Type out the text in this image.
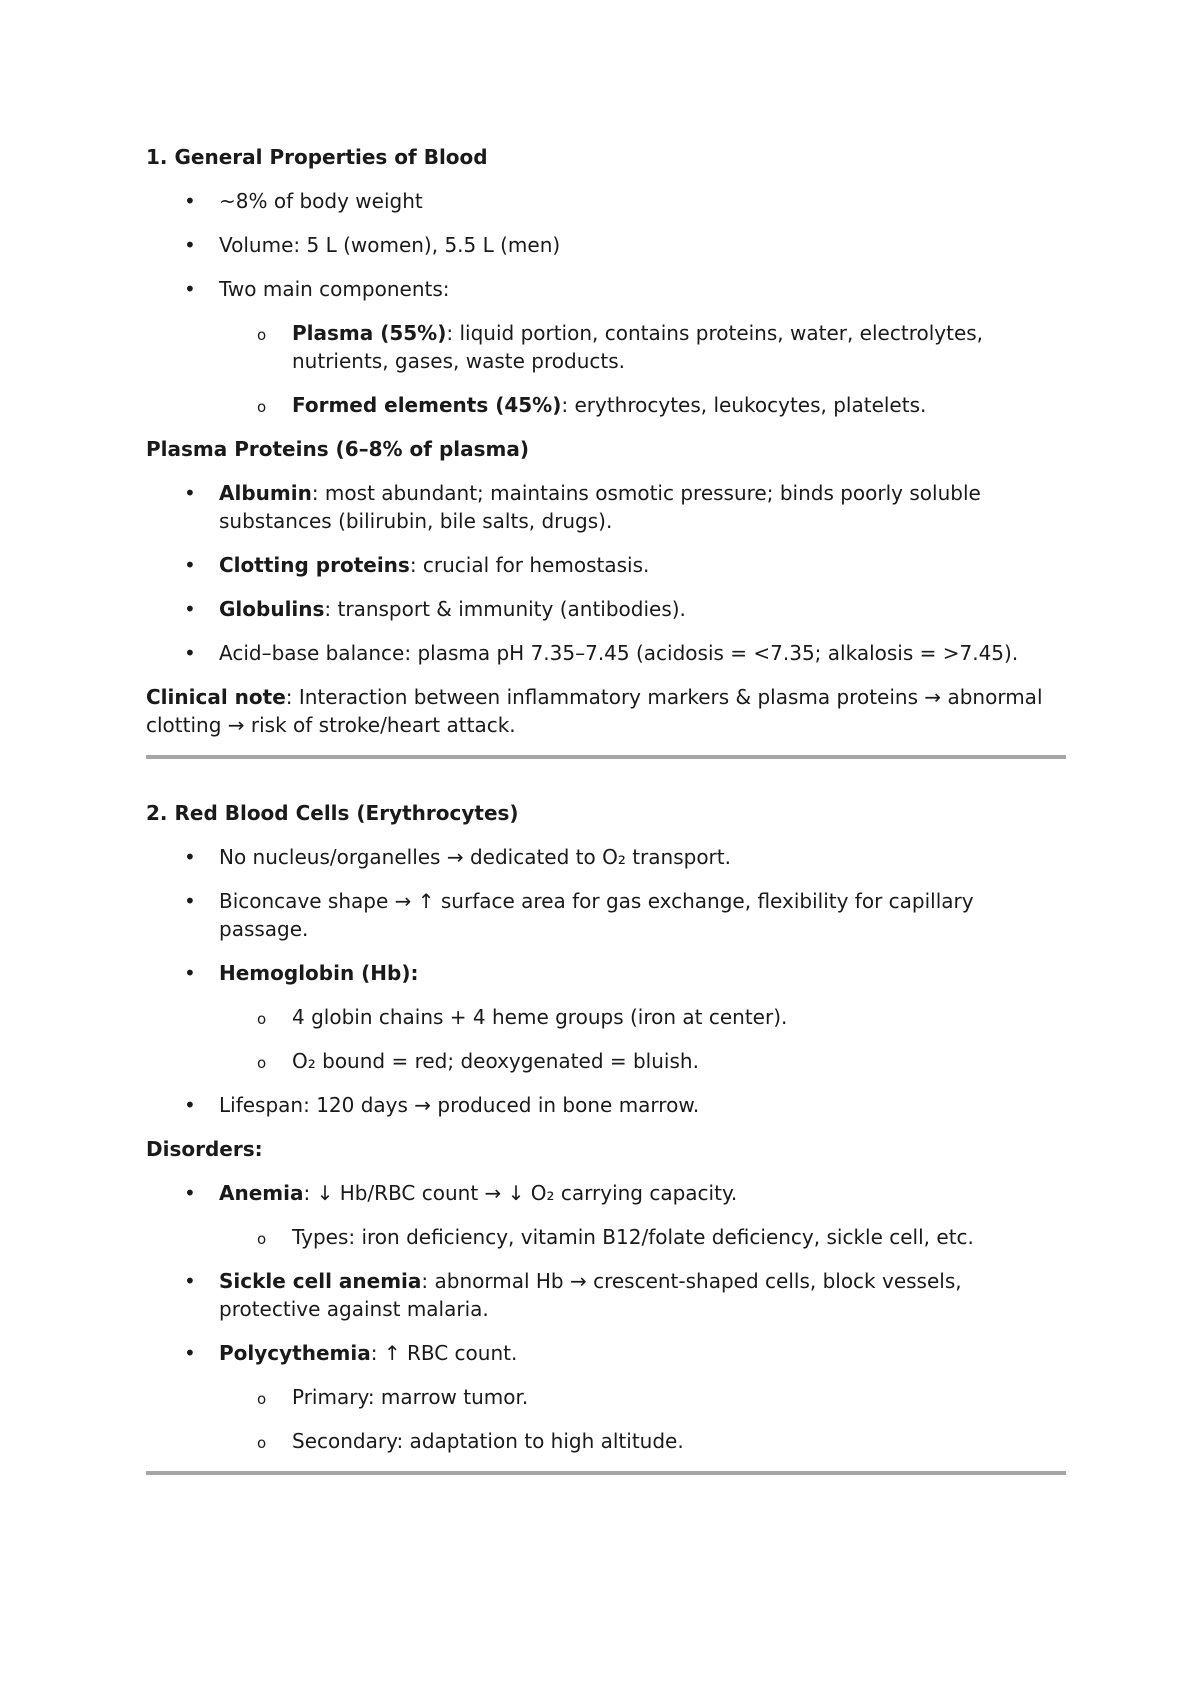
1. General Properties of Blood

• ~8% of body weight
• Volume: 5 L (women), 5.5 L (men)
• Two main components:
o Plasma (55%): liquid portion, contains proteins, water, electrolytes, nutrients, gases, waste products.
o Formed elements (45%): erythrocytes, leukocytes, platelets.

Plasma Proteins (6–8% of plasma)

• Albumin: most abundant; maintains osmotic pressure; binds poorly soluble substances (bilirubin, bile salts, drugs).
• Clotting proteins: crucial for hemostasis.
• Globulins: transport & immunity (antibodies).
• Acid–base balance: plasma pH 7.35–7.45 (acidosis = <7.35; alkalosis = >7.45).

Clinical note: Interaction between inflammatory markers & plasma proteins → abnormal clotting → risk of stroke/heart attack.

2. Red Blood Cells (Erythrocytes)

• No nucleus/organelles → dedicated to O₂ transport.
• Biconcave shape → ↑ surface area for gas exchange, flexibility for capillary passage.
• Hemoglobin (Hb):
o 4 globin chains + 4 heme groups (iron at center).
o O₂ bound = red; deoxygenated = bluish.
• Lifespan: 120 days → produced in bone marrow.

Disorders:

• Anemia: ↓ Hb/RBC count → ↓ O₂ carrying capacity.
o Types: iron deficiency, vitamin B12/folate deficiency, sickle cell, etc.
• Sickle cell anemia: abnormal Hb → crescent-shaped cells, block vessels, protective against malaria.
• Polycythemia: ↑ RBC count.
o Primary: marrow tumor.
o Secondary: adaptation to high altitude.
